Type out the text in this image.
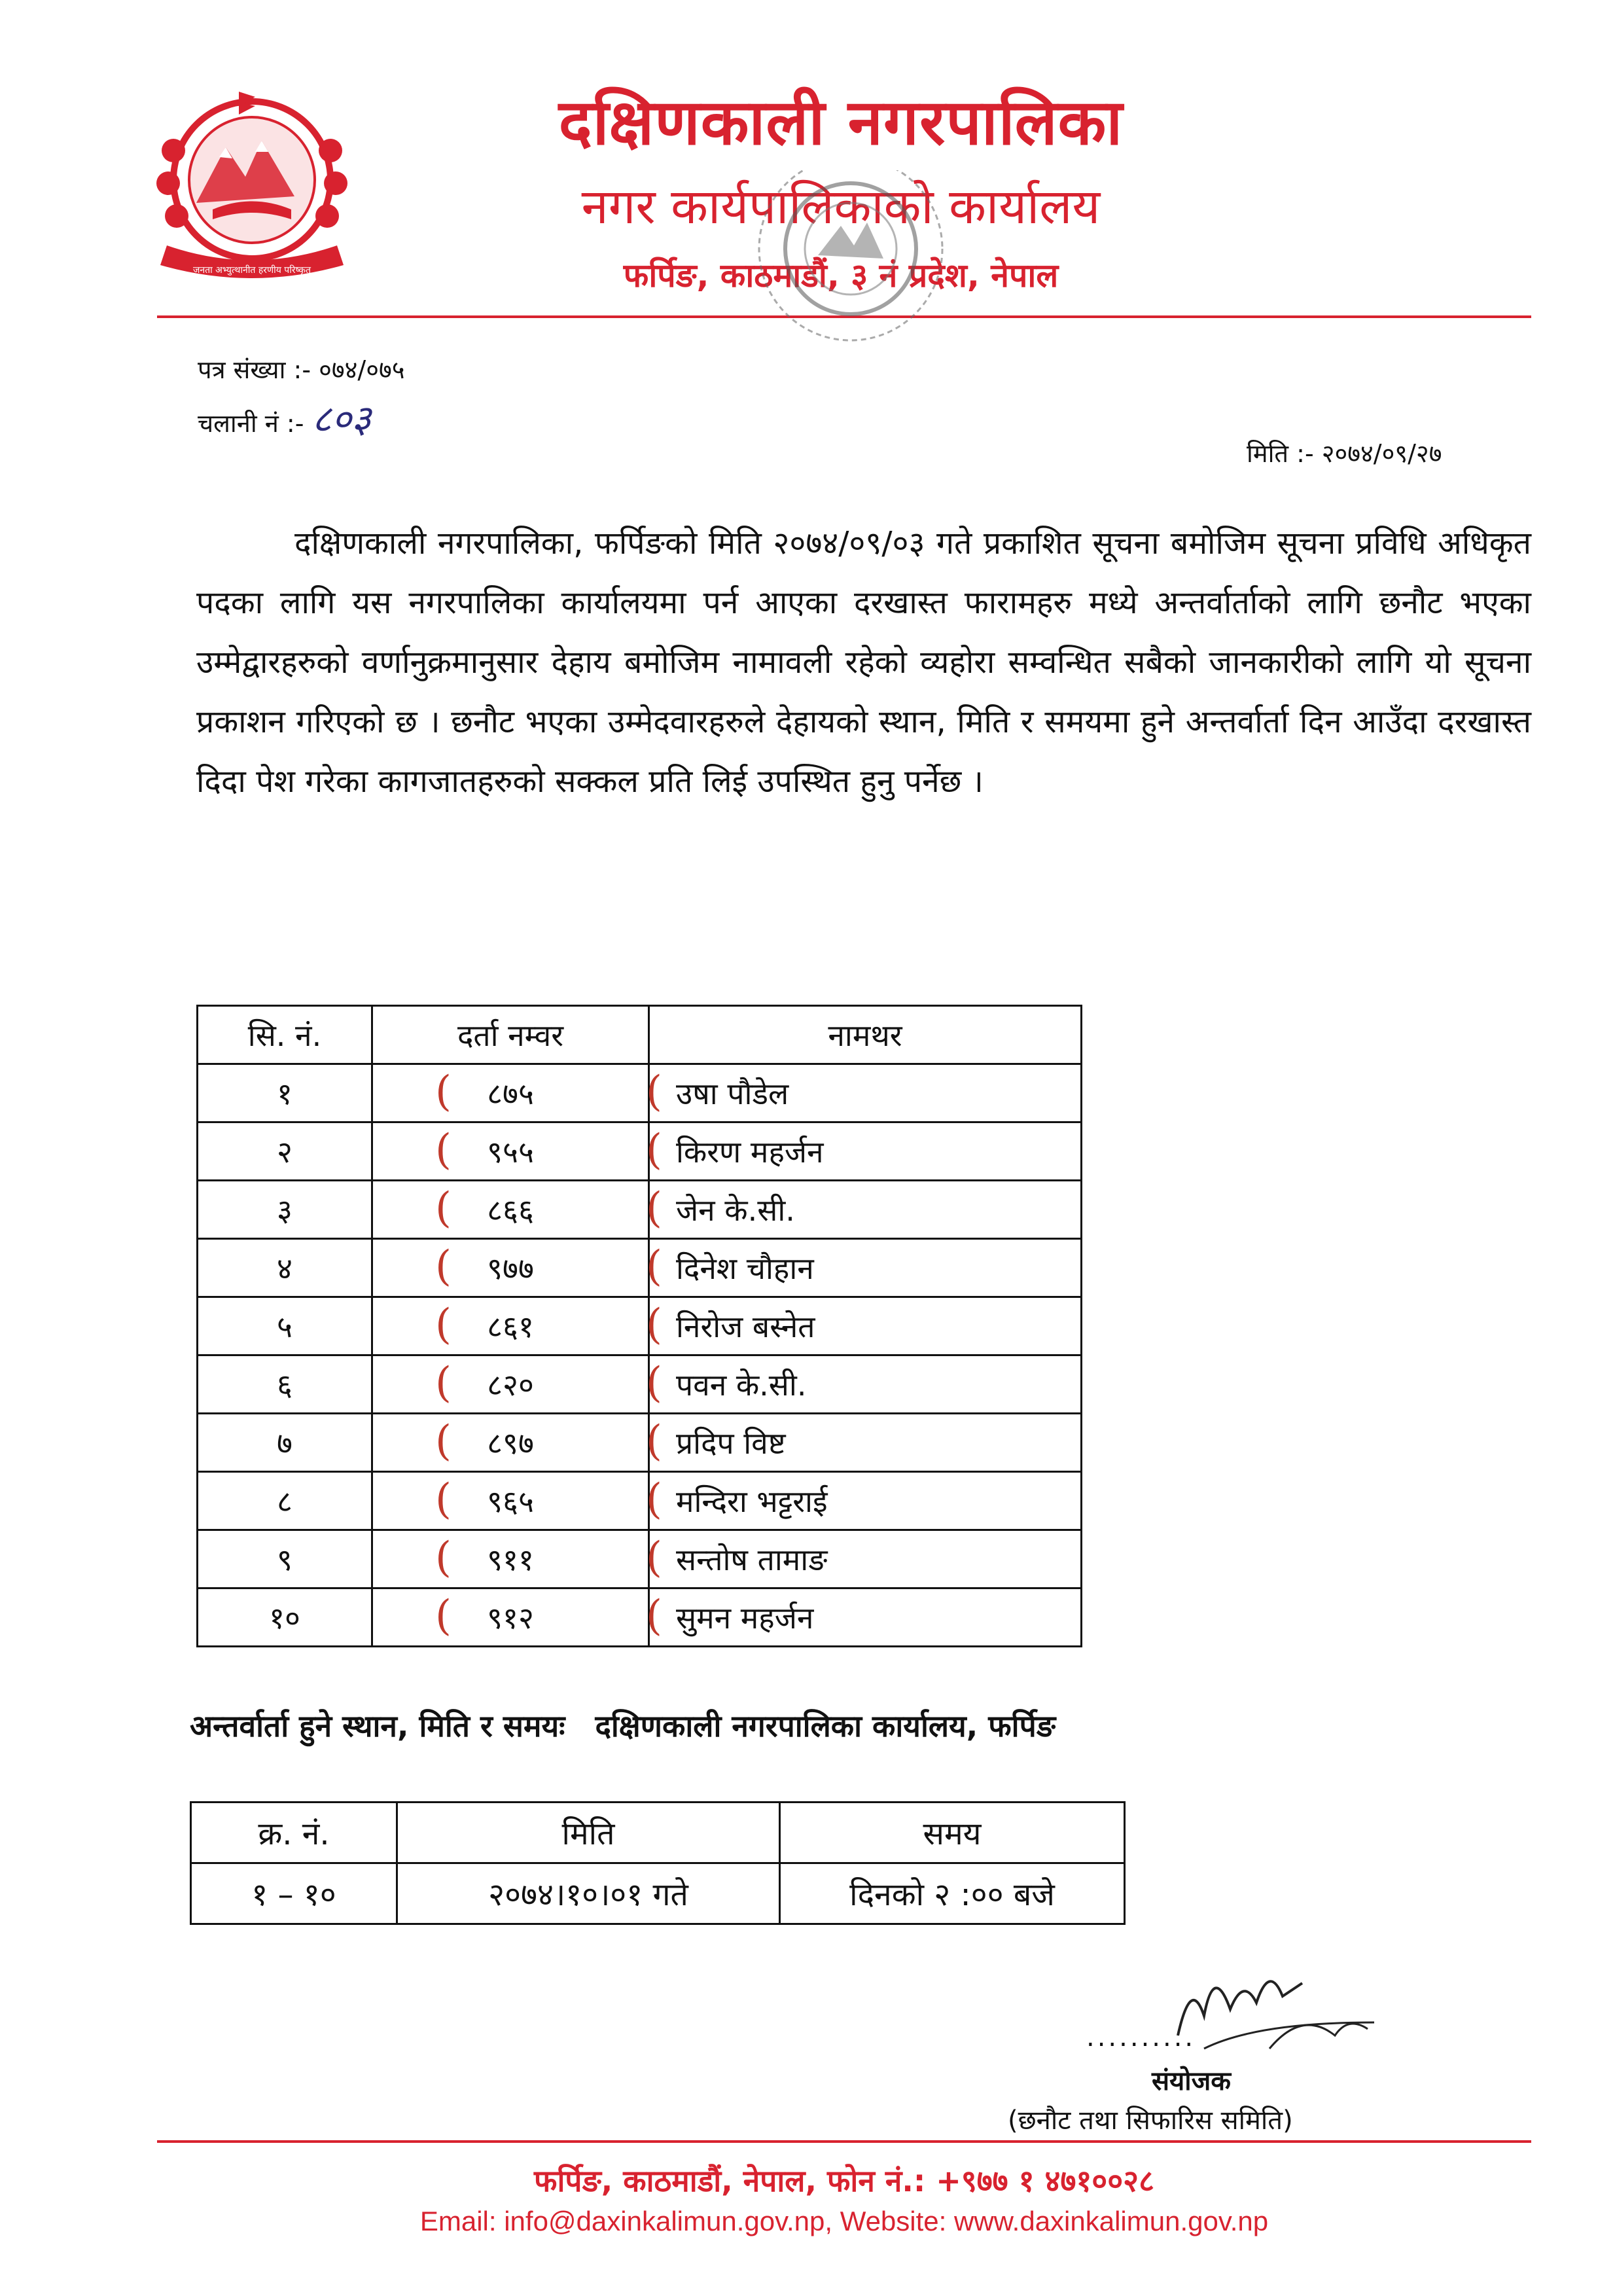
जनता अभ्युत्थानीत हरणीय परिष्कृत
दक्षिणकाली नगरपालिका
नगर कार्यपालिकाको कार्यालय
फर्पिङ, काठमाडौं, ३ नं प्रदेश, नेपाल
पत्र संख्या :- ०७४/०७५
चलानी नं :- ८०३
मिति :- २०७४/०९/२७
दक्षिणकाली नगरपालिका, फर्पिङको मिति २०७४/०९/०३ गते प्रकाशित सूचना बमोजिम सूचना प्रविधि अधिकृत पदका लागि यस नगरपालिका कार्यालयमा पर्न आएका दरखास्त फारामहरु मध्ये अन्तर्वार्ताको लागि छनौट भएका उम्मेद्वारहरुको वर्णानुक्रमानुसार देहाय बमोजिम नामावली रहेको व्यहोरा सम्वन्धित सबैको जानकारीको लागि यो सूचना प्रकाशन गरिएको छ । छनौट भएका उम्मेदवारहरुले देहायको स्थान, मिति र समयमा हुने अन्तर्वार्ता दिन आउँदा दरखास्त दिदा पेश गरेका कागजातहरुको सक्कल प्रति लिई उपस्थित हुनु पर्नेछ ।
सि. नं.	दर्ता नम्वर	नामथर
१	( ८७५	( उषा पौडेल
२	( ९५५	( किरण महर्जन
३	( ८६६	( जेन के.सी.
४	( ९७७	( दिनेश चौहान
५	( ८६१	( निरोज बस्नेत
६	( ८२०	( पवन के.सी.
७	( ८९७	( प्रदिप विष्ट
८	( ९६५	( मन्दिरा भट्टराई
९	( ९११	( सन्तोष तामाङ
१०	( ९१२	( सुमन महर्जन
अन्तर्वार्ता हुने स्थान, मिति र समयः दक्षिणकाली नगरपालिका कार्यालय, फर्पिङ
क्र. नं.	मिति	समय
१ – १०	२०७४।१०।०१ गते	दिनको २ :०० बजे
..........
संयोजक
(छनौट तथा सिफारिस समिति)
फर्पिङ, काठमाडौं, नेपाल, फोन नं.: +९७७ १ ४७१००२८
Email: info@daxinkalimun.gov.np, Website: www.daxinkalimun.gov.np
